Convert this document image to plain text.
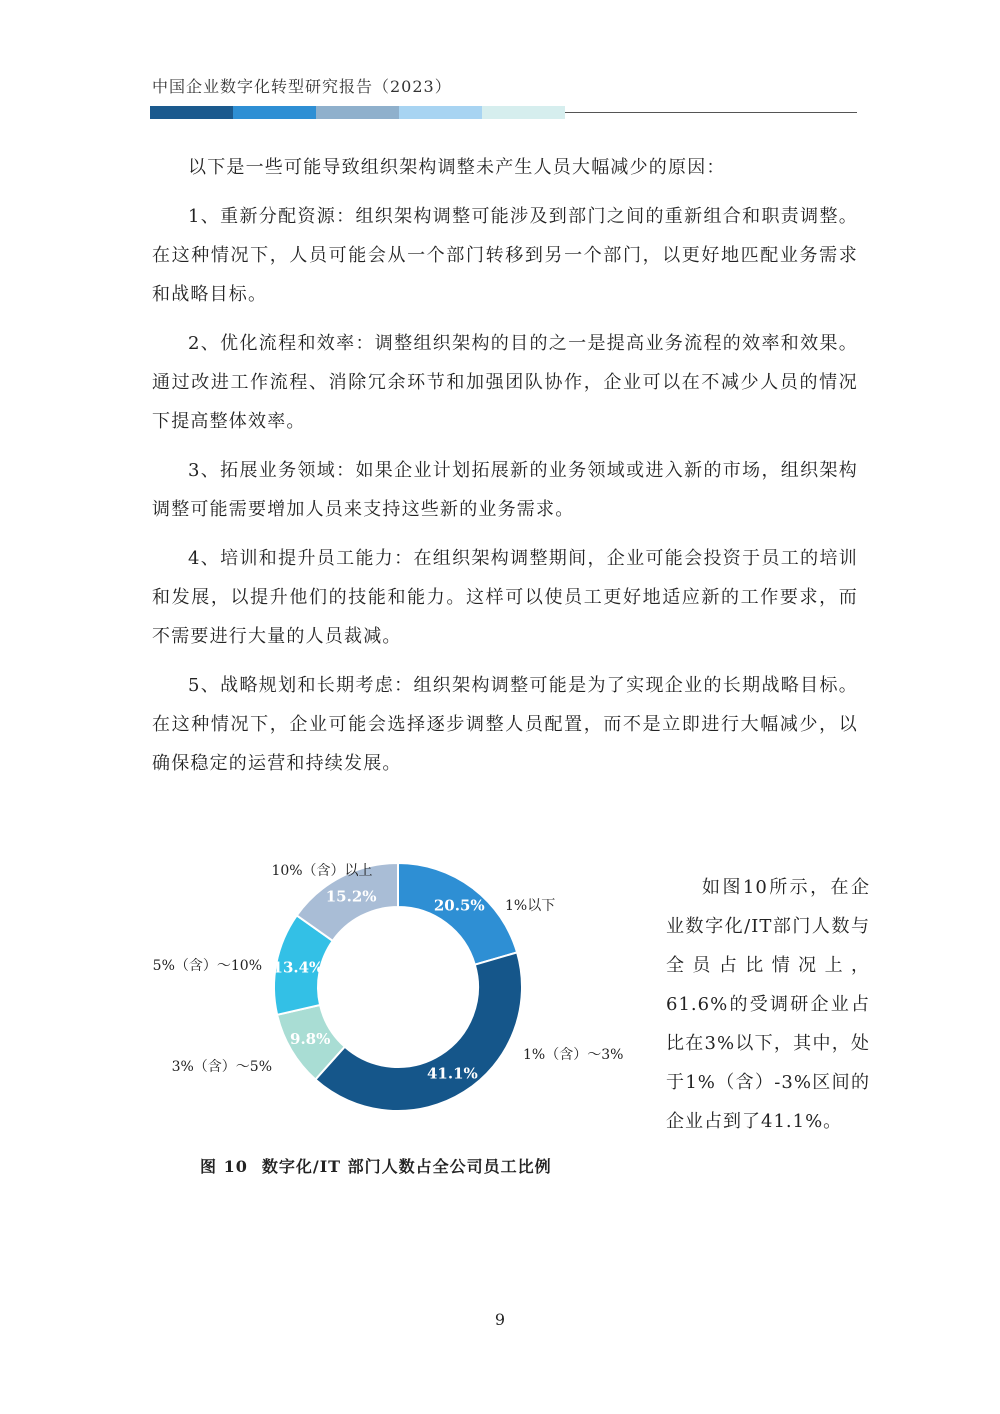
中国企业数字化转型研究报告（2023）

以下是一些可能导致组织架构调整未产生人员大幅减少的原因：

1、重新分配资源：组织架构调整可能涉及到部门之间的重新组合和职责调整。在这种情况下，人员可能会从一个部门转移到另一个部门，以更好地匹配业务需求和战略目标。

2、优化流程和效率：调整组织架构的目的之一是提高业务流程的效率和效果。通过改进工作流程、消除冗余环节和加强团队协作，企业可以在不减少人员的情况下提高整体效率。

3、拓展业务领域：如果企业计划拓展新的业务领域或进入新的市场，组织架构调整可能需要增加人员来支持这些新的业务需求。

4、培训和提升员工能力：在组织架构调整期间，企业可能会投资于员工的培训和发展，以提升他们的技能和能力。这样可以使员工更好地适应新的工作要求，而不需要进行大量的人员裁减。

5、战略规划和长期考虑：组织架构调整可能是为了实现企业的长期战略目标。在这种情况下，企业可能会选择逐步调整人员配置，而不是立即进行大幅减少，以确保稳定的运营和持续发展。

20.5% 1%以下
41.1%
1%（含）～3%
9.8%
3%（含）～5%
13.4%
5%（含）～10%
15.2%
10%（含）以上
如图10所示，在企业数字化/IT部门人数与全员占比情况上，61.6%的受调研企业占比在3%以下，其中，处于1%（含）-3%区间的企业占到了41.1%。
图 10 数字化/IT 部门人数占全公司员工比例
9
